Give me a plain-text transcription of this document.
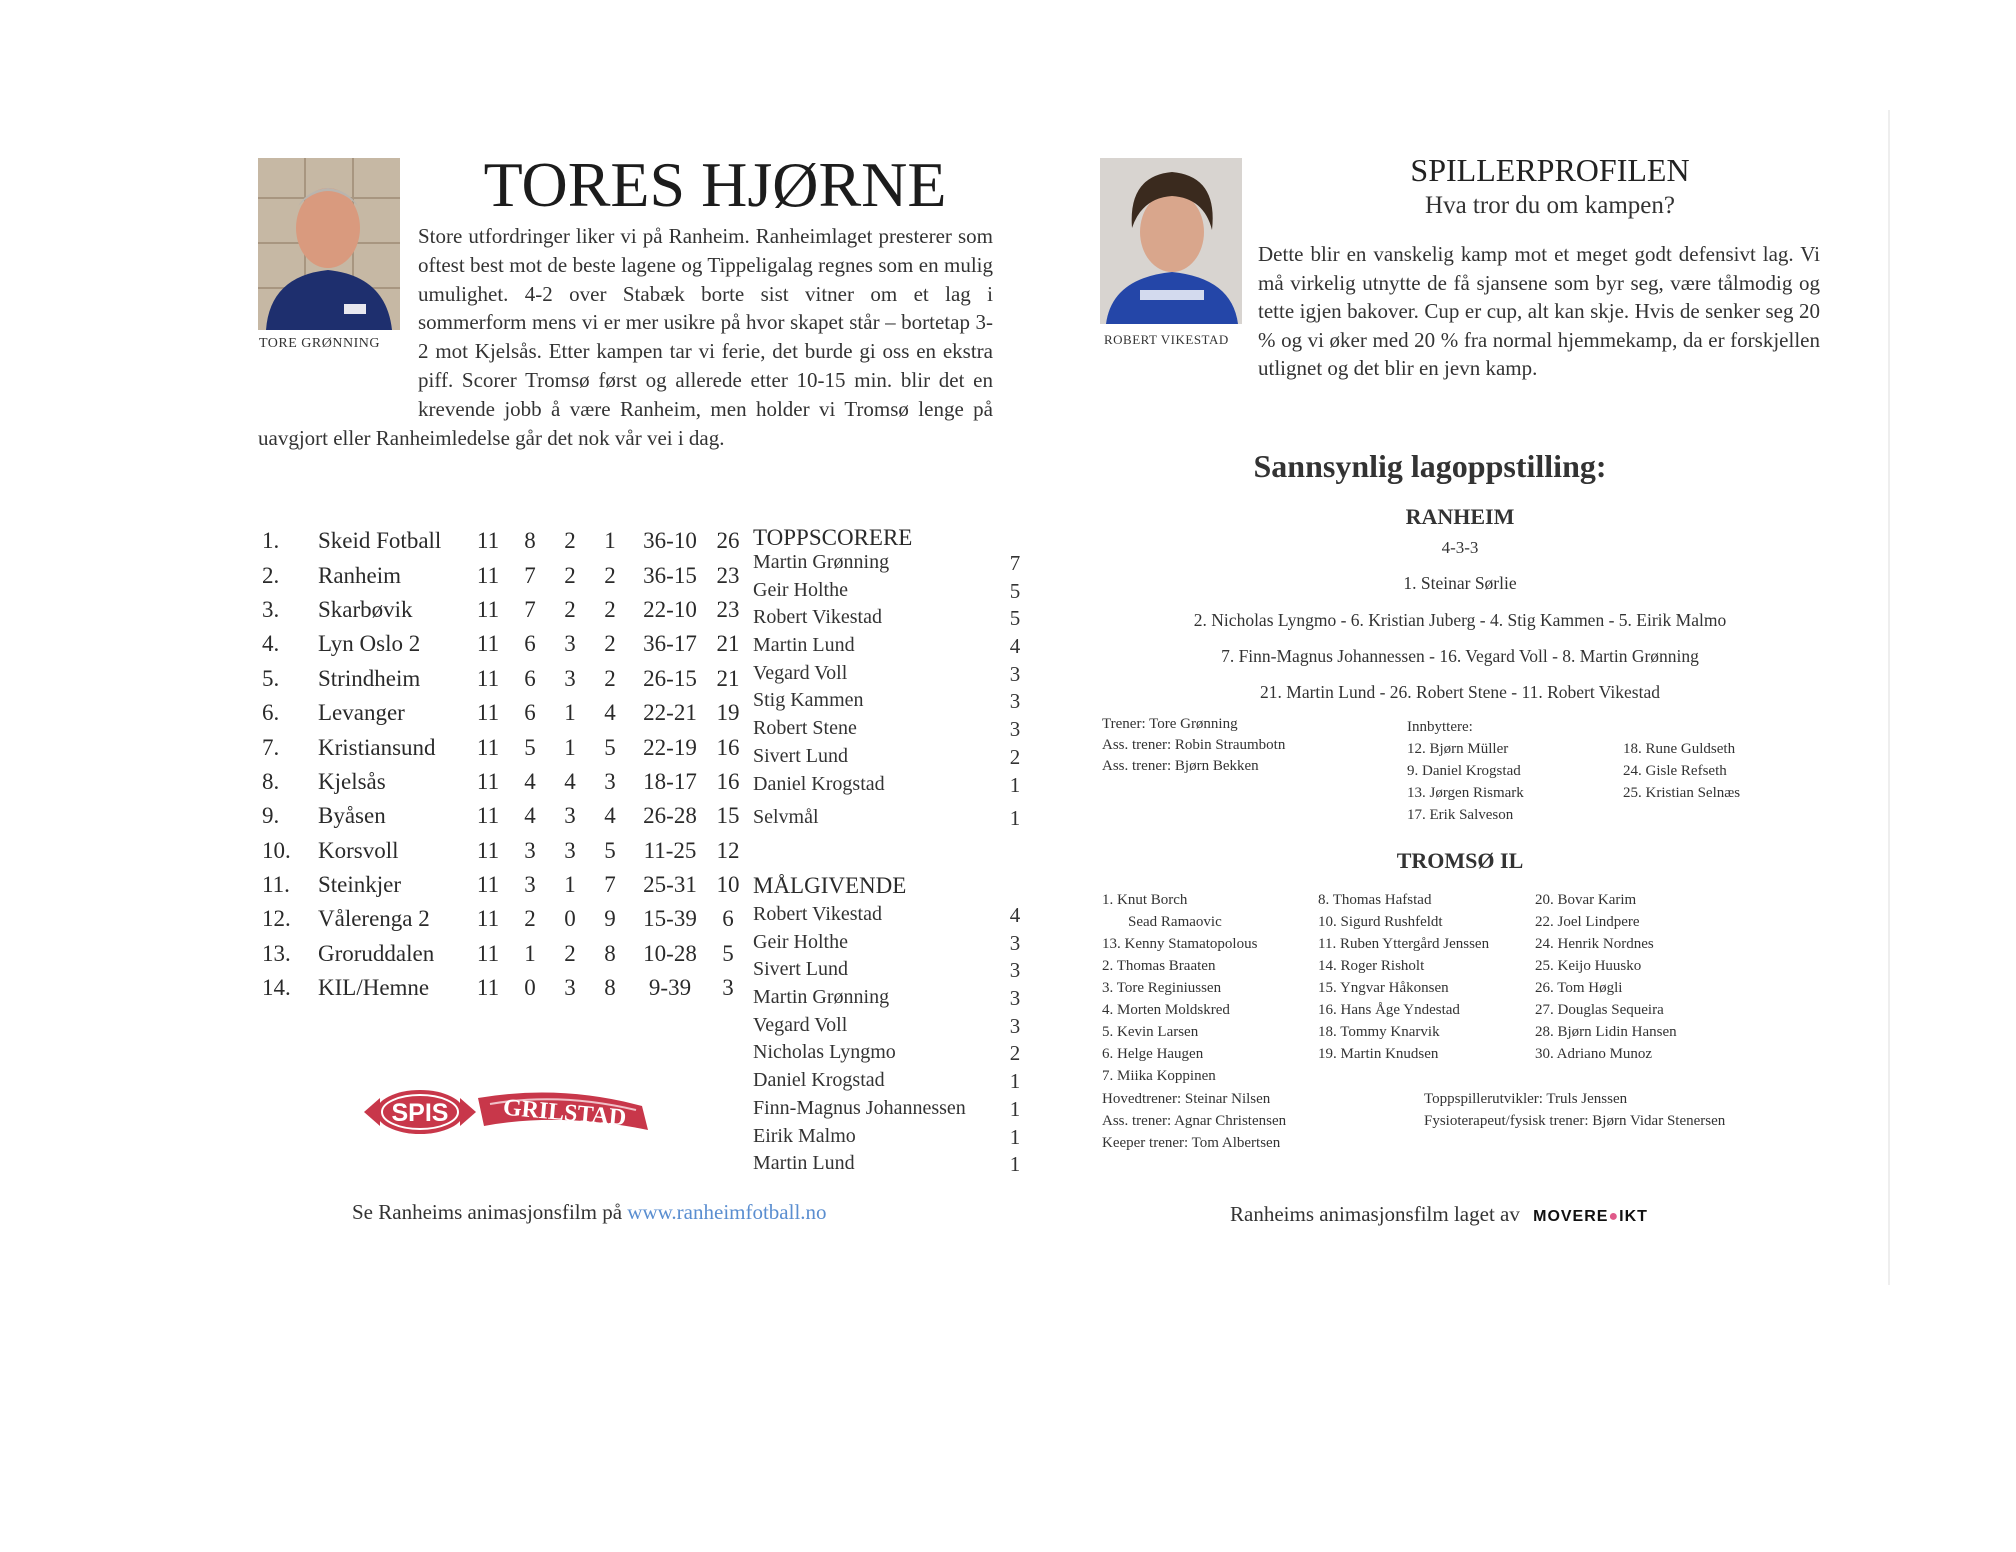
TORE GRØNNING
TORES HJØRNE
Store utfordringer liker vi på Ranheim. Ranheimlaget presterer som oftest best mot de beste lagene og Tippeligalag regnes som en mulig umulighet. 4-2 over Stabæk borte sist vitner om et lag i sommerform mens vi er mer usikre på hvor skapet står – bortetap 3-2 mot Kjelsås. Etter kampen tar vi ferie, det burde gi oss en ekstra piff. Scorer Tromsø først og allerede etter 10-15 min. blir det en krevende jobb å være Ranheim, men holder vi Tromsø lenge på uavgjort eller Ranheimledelse går det nok vår vei i dag.
1.	Skeid Fotball	11	8	2	1	36-10	26
2.	Ranheim	11	7	2	2	36-15	23
3.	Skarbøvik	11	7	2	2	22-10	23
4.	Lyn Oslo 2	11	6	3	2	36-17	21
5.	Strindheim	11	6	3	2	26-15	21
6.	Levanger	11	6	1	4	22-21	19
7.	Kristiansund	11	5	1	5	22-19	16
8.	Kjelsås	11	4	4	3	18-17	16
9.	Byåsen	11	4	3	4	26-28	15
10.	Korsvoll	11	3	3	5	11-25	12
11.	Steinkjer	11	3	1	7	25-31	10
12.	Vålerenga 2	11	2	0	9	15-39	6
13.	Groruddalen	11	1	2	8	10-28	5
14.	KIL/Hemne	11	0	3	8	9-39	3
TOPPSCORERE
Martin Grønning	7
Geir Holthe	5
Robert Vikestad	5
Martin Lund	4
Vegard Voll	3
Stig Kammen	3
Robert Stene	3
Sivert Lund	2
Daniel Krogstad	1
Selvmål	1
MÅLGIVENDE
Robert Vikestad	4
Geir Holthe	3
Sivert Lund	3
Martin Grønning	3
Vegard Voll	3
Nicholas Lyngmo	2
Daniel Krogstad	1
Finn-Magnus Johannessen	1
Eirik Malmo	1
Martin Lund	1
SPIS GRILSTAD
Se Ranheims animasjonsfilm på www.ranheimfotball.no
ROBERT VIKESTAD
SPILLERPROFILEN
Hva tror du om kampen?
Dette blir en vanskelig kamp mot et meget godt defensivt lag. Vi må virkelig utnytte de få sjansene som byr seg, være tålmodig og tette igjen bakover. Cup er cup, alt kan skje. Hvis de senker seg 20 % og vi øker med 20 % fra normal hjemmekamp, da er forskjellen utlignet og det blir en jevn kamp.
Sannsynlig lagoppstilling:
RANHEIM
4-3-3
1. Steinar Sørlie
2. Nicholas Lyngmo - 6. Kristian Juberg - 4. Stig Kammen - 5. Eirik Malmo
7. Finn-Magnus Johannessen - 16. Vegard Voll - 8. Martin Grønning
21. Martin Lund - 26. Robert Stene - 11. Robert Vikestad
Trener: Tore Grønning
Ass. trener: Robin Straumbotn
Ass. trener: Bjørn Bekken
Innbyttere:
12. Bjørn Müller
9. Daniel Krogstad
13. Jørgen Rismark
17. Erik Salveson
18. Rune Guldseth
24. Gisle Refseth
25. Kristian Selnæs
TROMSØ IL
1. Knut Borch
Sead Ramaovic
13. Kenny Stamatopolous
2. Thomas Braaten
3. Tore Reginiussen
4. Morten Moldskred
5. Kevin Larsen
6. Helge Haugen
7. Miika Koppinen
8. Thomas Hafstad
10. Sigurd Rushfeldt
11. Ruben Yttergård Jenssen
14. Roger Risholt
15. Yngvar Håkonsen
16. Hans Åge Yndestad
18. Tommy Knarvik
19. Martin Knudsen
20. Bovar Karim
22. Joel Lindpere
24. Henrik Nordnes
25. Keijo Huusko
26. Tom Høgli
27. Douglas Sequeira
28. Bjørn Lidin Hansen
30. Adriano Munoz
Hovedtrener: Steinar Nilsen
Ass. trener: Agnar Christensen
Keeper trener: Tom Albertsen
Toppspillerutvikler: Truls Jenssen
Fysioterapeut/fysisk trener: Bjørn Vidar Stenersen
Ranheims animasjonsfilm laget av MOVERE●IKT
